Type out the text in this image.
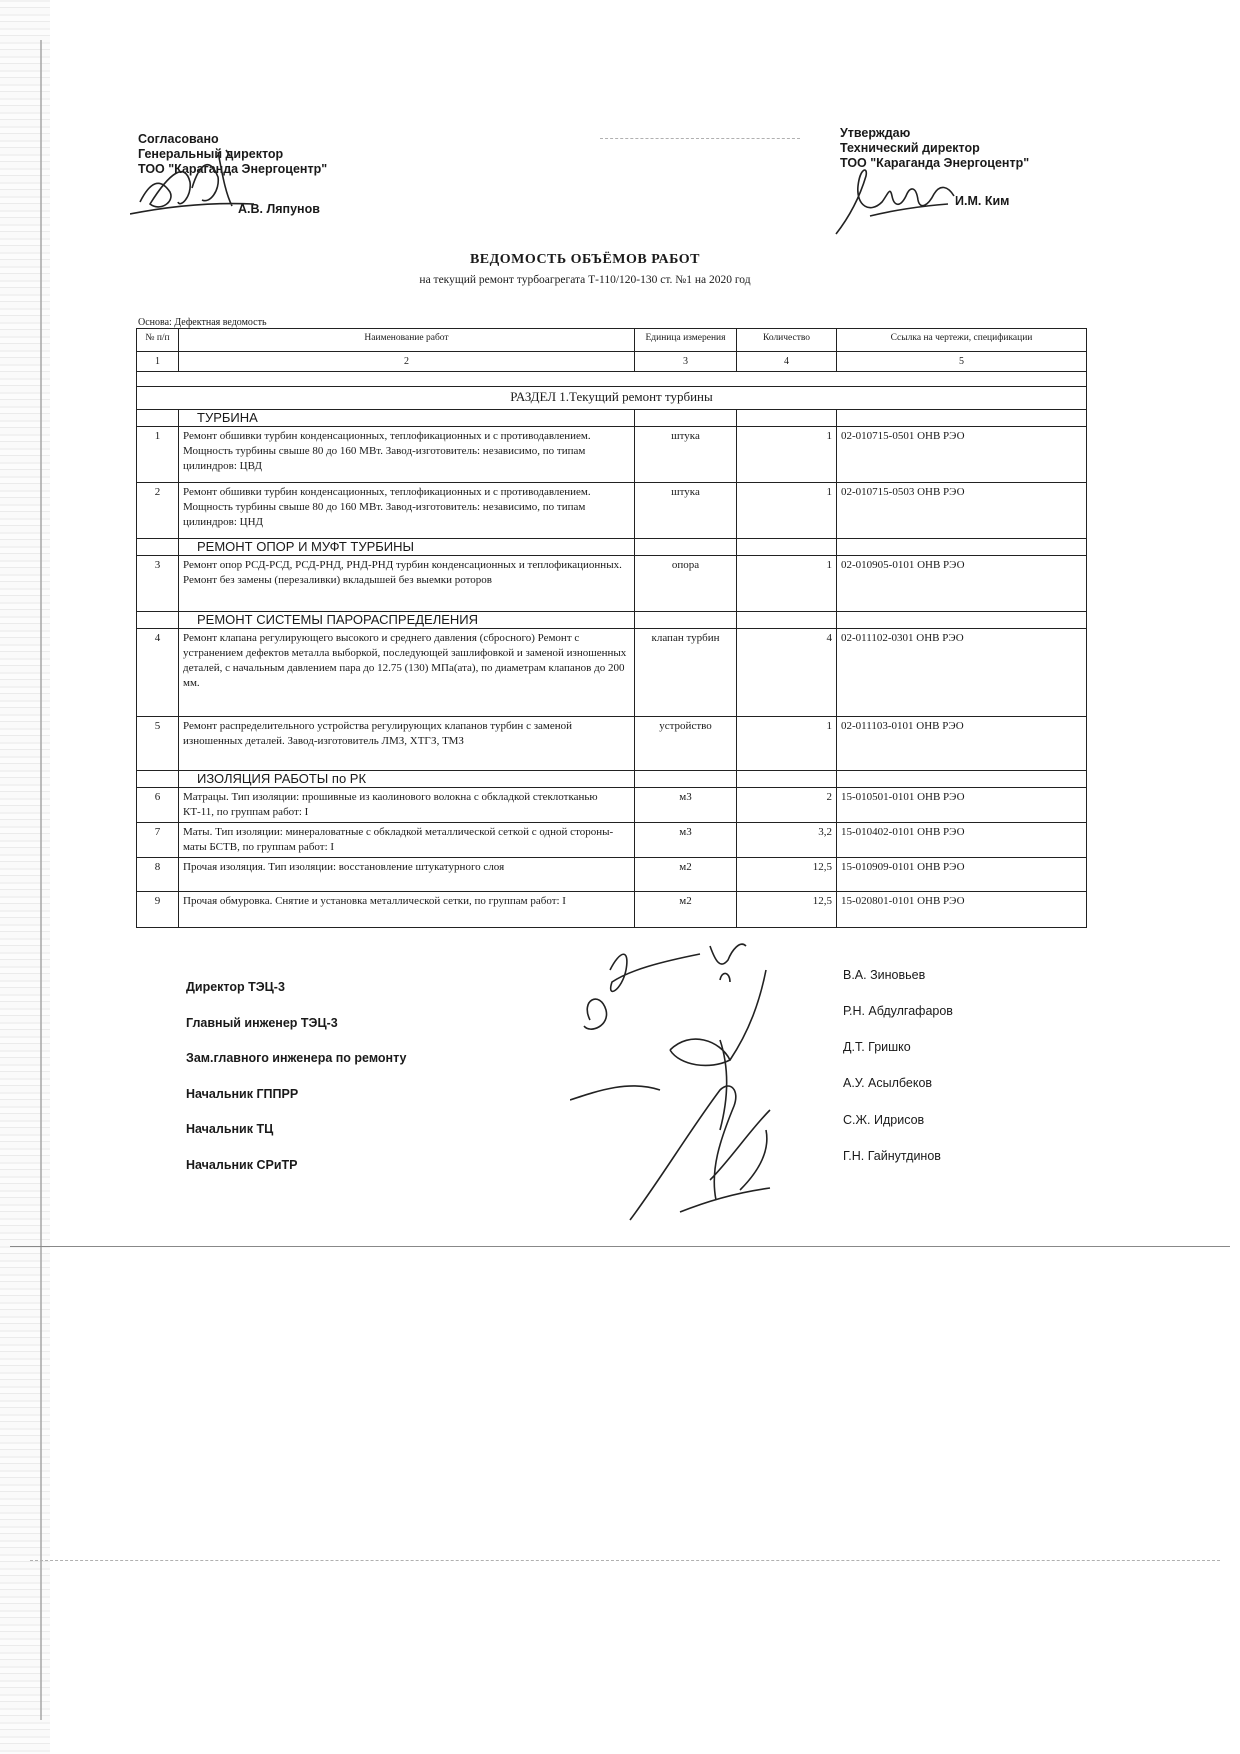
Согласовано
Генеральный директор
ТОО "Караганда Энергоцентр"
А.В. Ляпунов
Утверждаю
Технический директор
ТОО "Караганда Энергоцентр"
И.М. Ким
ВЕДОМОСТЬ ОБЪЁМОВ РАБОТ
на текущий ремонт турбоагрегата Т-110/120-130 ст. №1 на 2020 год
Основа: Дефектная ведомость
№ п/п	Наименование работ	Единица измерения	Количество	Ссылка на чертежи, спецификации
1	2	3	4	5

РАЗДЕЛ 1.Текущий ремонт турбины				
	ТУРБИНА			
1	Ремонт обшивки турбин конденсационных, теплофикационных и с противодавлением. Мощность турбины свыше 80 до 160 МВт. Завод-изготовитель: независимо, по типам цилиндров: ЦВД	штука	1	02-010715-0501 ОНВ РЭО
2	Ремонт обшивки турбин конденсационных, теплофикационных и с противодавлением. Мощность турбины свыше 80 до 160 МВт. Завод-изготовитель: независимо, по типам цилиндров: ЦНД	штука	1	02-010715-0503 ОНВ РЭО
	РЕМОНТ ОПОР И МУФТ ТУРБИНЫ			
3	Ремонт опор РСД-РСД, РСД-РНД, РНД-РНД турбин конденсационных и теплофикационных. Ремонт без замены (перезаливки) вкладышей без выемки роторов	опора	1	02-010905-0101 ОНВ РЭО
	РЕМОНТ СИСТЕМЫ ПАРОРАСПРЕДЕЛЕНИЯ			
4	Ремонт клапана регулирующего высокого и среднего давления (сбросного) Ремонт с устранением дефектов металла выборкой, последующей зашлифовкой и заменой изношенных деталей, с начальным давлением пара до 12.75 (130) МПа(ата), по диаметрам клапанов до 200 мм.	клапан турбин	4	02-011102-0301 ОНВ РЭО
5	Ремонт распределительного устройства регулирующих клапанов турбин с заменой изношенных деталей. Завод-изготовитель ЛМЗ, ХТГЗ, ТМЗ	устройство	1	02-011103-0101 ОНВ РЭО
	ИЗОЛЯЦИЯ РАБОТЫ по РК			
6	Матрацы. Тип изоляции: прошивные из каолинового волокна с обкладкой стеклотканью КТ-11, по группам работ: I	м3	2	15-010501-0101 ОНВ РЭО
7	Маты. Тип изоляции: минераловатные с обкладкой металлической сеткой с одной стороны- маты БСТВ, по группам работ: I	м3	3,2	15-010402-0101 ОНВ РЭО
8	Прочая изоляция. Тип изоляции: восстановление штукатурного слоя	м2	12,5	15-010909-0101 ОНВ РЭО
9	Прочая обмуровка. Снятие и установка металлической сетки, по группам работ: I	м2	12,5	15-020801-0101 ОНВ РЭО
Директор ТЭЦ-3
В.А. Зиновьев
Главный инженер ТЭЦ-3
Р.Н. Абдулгафаров
Зам.главного инженера по ремонту
Д.Т. Гришко
Начальник ГППРР
А.У. Асылбеков
Начальник ТЦ
С.Ж. Идрисов
Начальник СРиТР
Г.Н. Гайнутдинов
